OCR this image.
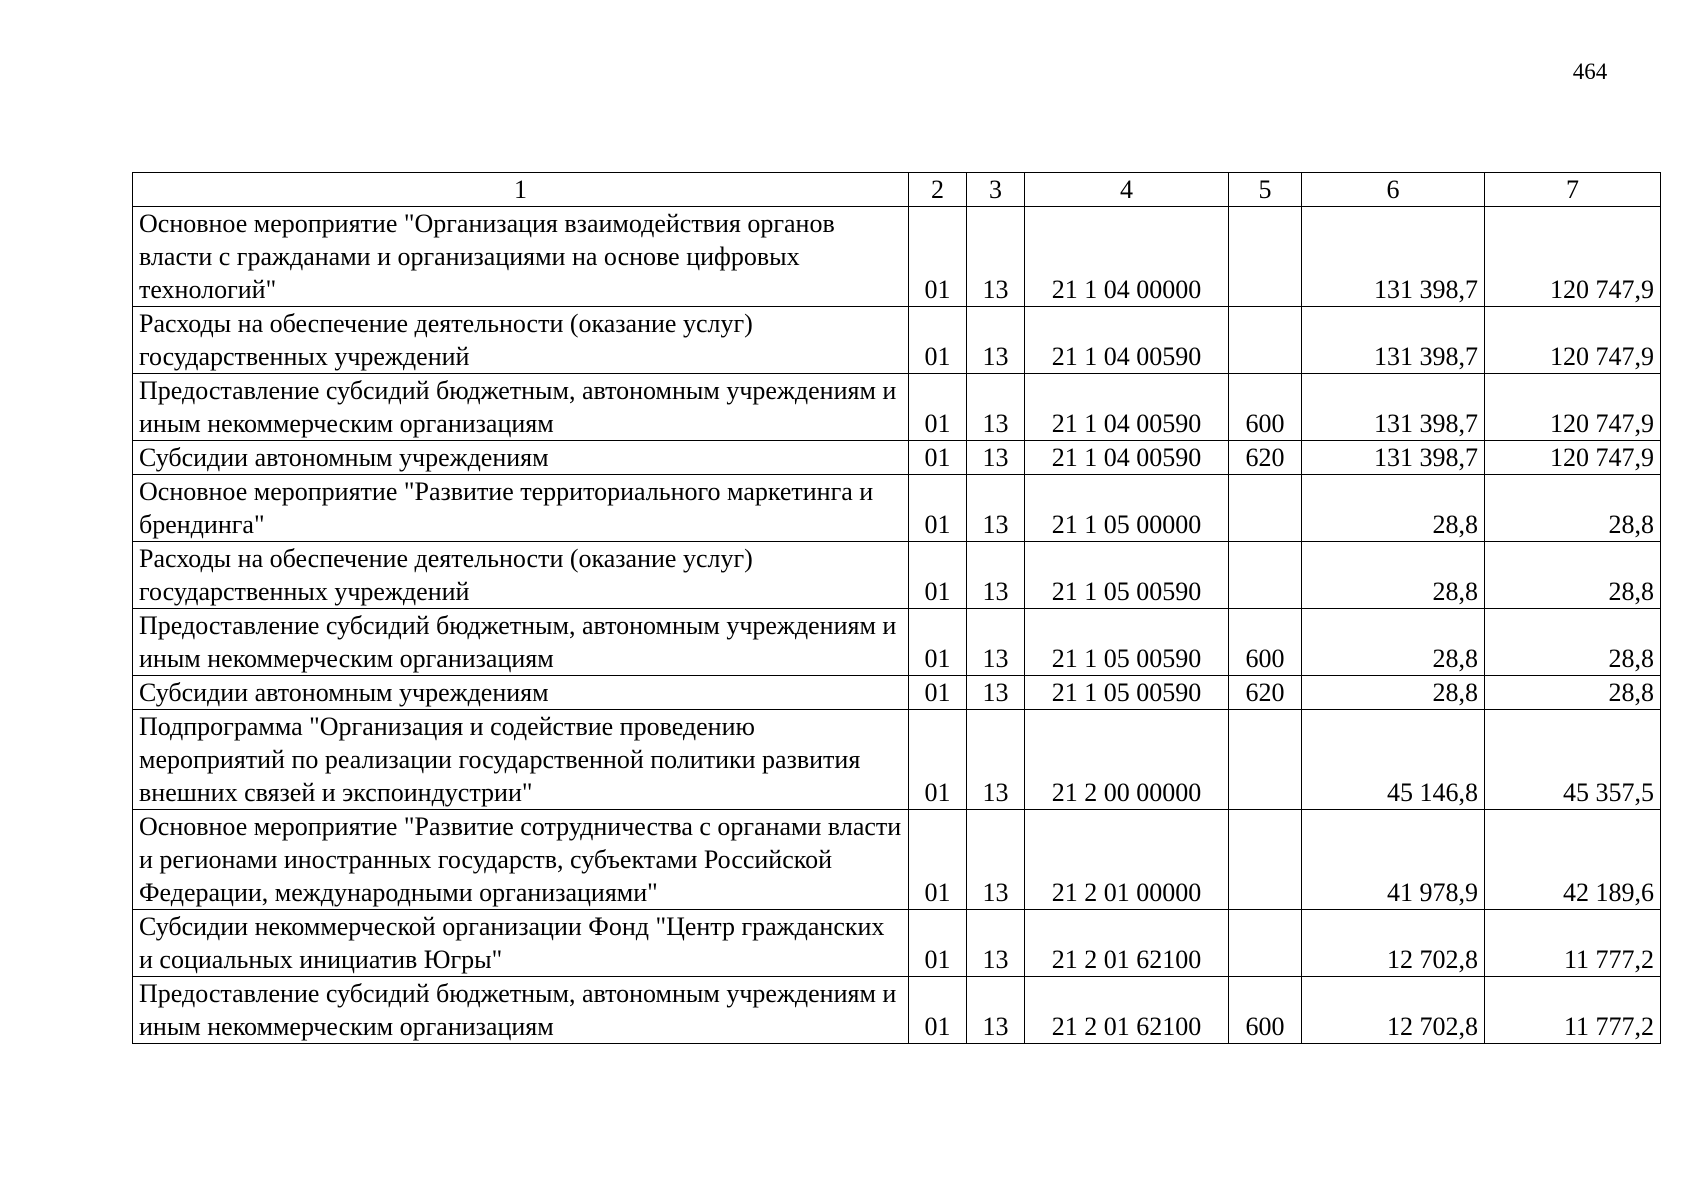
464
1	2	3	4	5	6	7
Основное мероприятие "Организация взаимодействия органов власти с гражданами и организациями на основе цифровых технологий"	01	13	21 1 04 00000		131 398,7	120 747,9
Расходы на обеспечение деятельности (оказание услуг) государственных учреждений	01	13	21 1 04 00590		131 398,7	120 747,9
Предоставление субсидий бюджетным, автономным учреждениям и иным некоммерческим организациям	01	13	21 1 04 00590	600	131 398,7	120 747,9
Субсидии автономным учреждениям	01	13	21 1 04 00590	620	131 398,7	120 747,9
Основное мероприятие "Развитие территориального маркетинга и брендинга"	01	13	21 1 05 00000		28,8	28,8
Расходы на обеспечение деятельности (оказание услуг) государственных учреждений	01	13	21 1 05 00590		28,8	28,8
Предоставление субсидий бюджетным, автономным учреждениям и иным некоммерческим организациям	01	13	21 1 05 00590	600	28,8	28,8
Субсидии автономным учреждениям	01	13	21 1 05 00590	620	28,8	28,8
Подпрограмма "Организация и содействие проведению мероприятий по реализации государственной политики развития внешних связей и экспоиндустрии"	01	13	21 2 00 00000		45 146,8	45 357,5
Основное мероприятие "Развитие сотрудничества с органами власти и регионами иностранных государств, субъектами Российской Федерации, международными организациями"	01	13	21 2 01 00000		41 978,9	42 189,6
Субсидии некоммерческой организации Фонд "Центр гражданских и социальных инициатив Югры"	01	13	21 2 01 62100		12 702,8	11 777,2
Предоставление субсидий бюджетным, автономным учреждениям и иным некоммерческим организациям	01	13	21 2 01 62100	600	12 702,8	11 777,2
